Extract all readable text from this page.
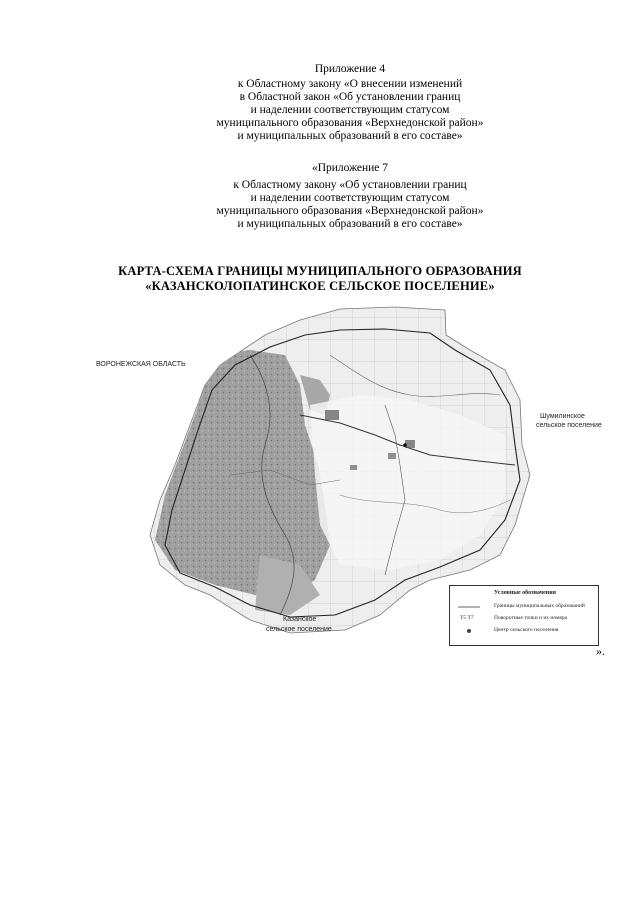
Приложение 4
к Областному закону «О внесении изменений
в Областной закон «Об установлении границ
и наделении соответствующим статусом
муниципального образования «Верхнедонской район»
и муниципальных образований в его составе»
«Приложение 7
к Областному закону «Об установлении границ
и наделении соответствующим статусом
муниципального образования «Верхнедонской район»
и муниципальных образований в его составе»
КАРТА-СХЕМА ГРАНИЦЫ МУНИЦИПАЛЬНОГО ОБРАЗОВАНИЯ
«КАЗАНСКОЛОПАТИНСКОЕ СЕЛЬСКОЕ ПОСЕЛЕНИЕ»
ВОРОНЕЖСКАЯ ОБЛАСТЬ
Шумилинское
сельское поселение
Казанское
сельское поселение
Условные обозначения
Границы муниципальных образований
Т5 Т7	Поворотные точки и их номера
Центр сельского поселения
».
